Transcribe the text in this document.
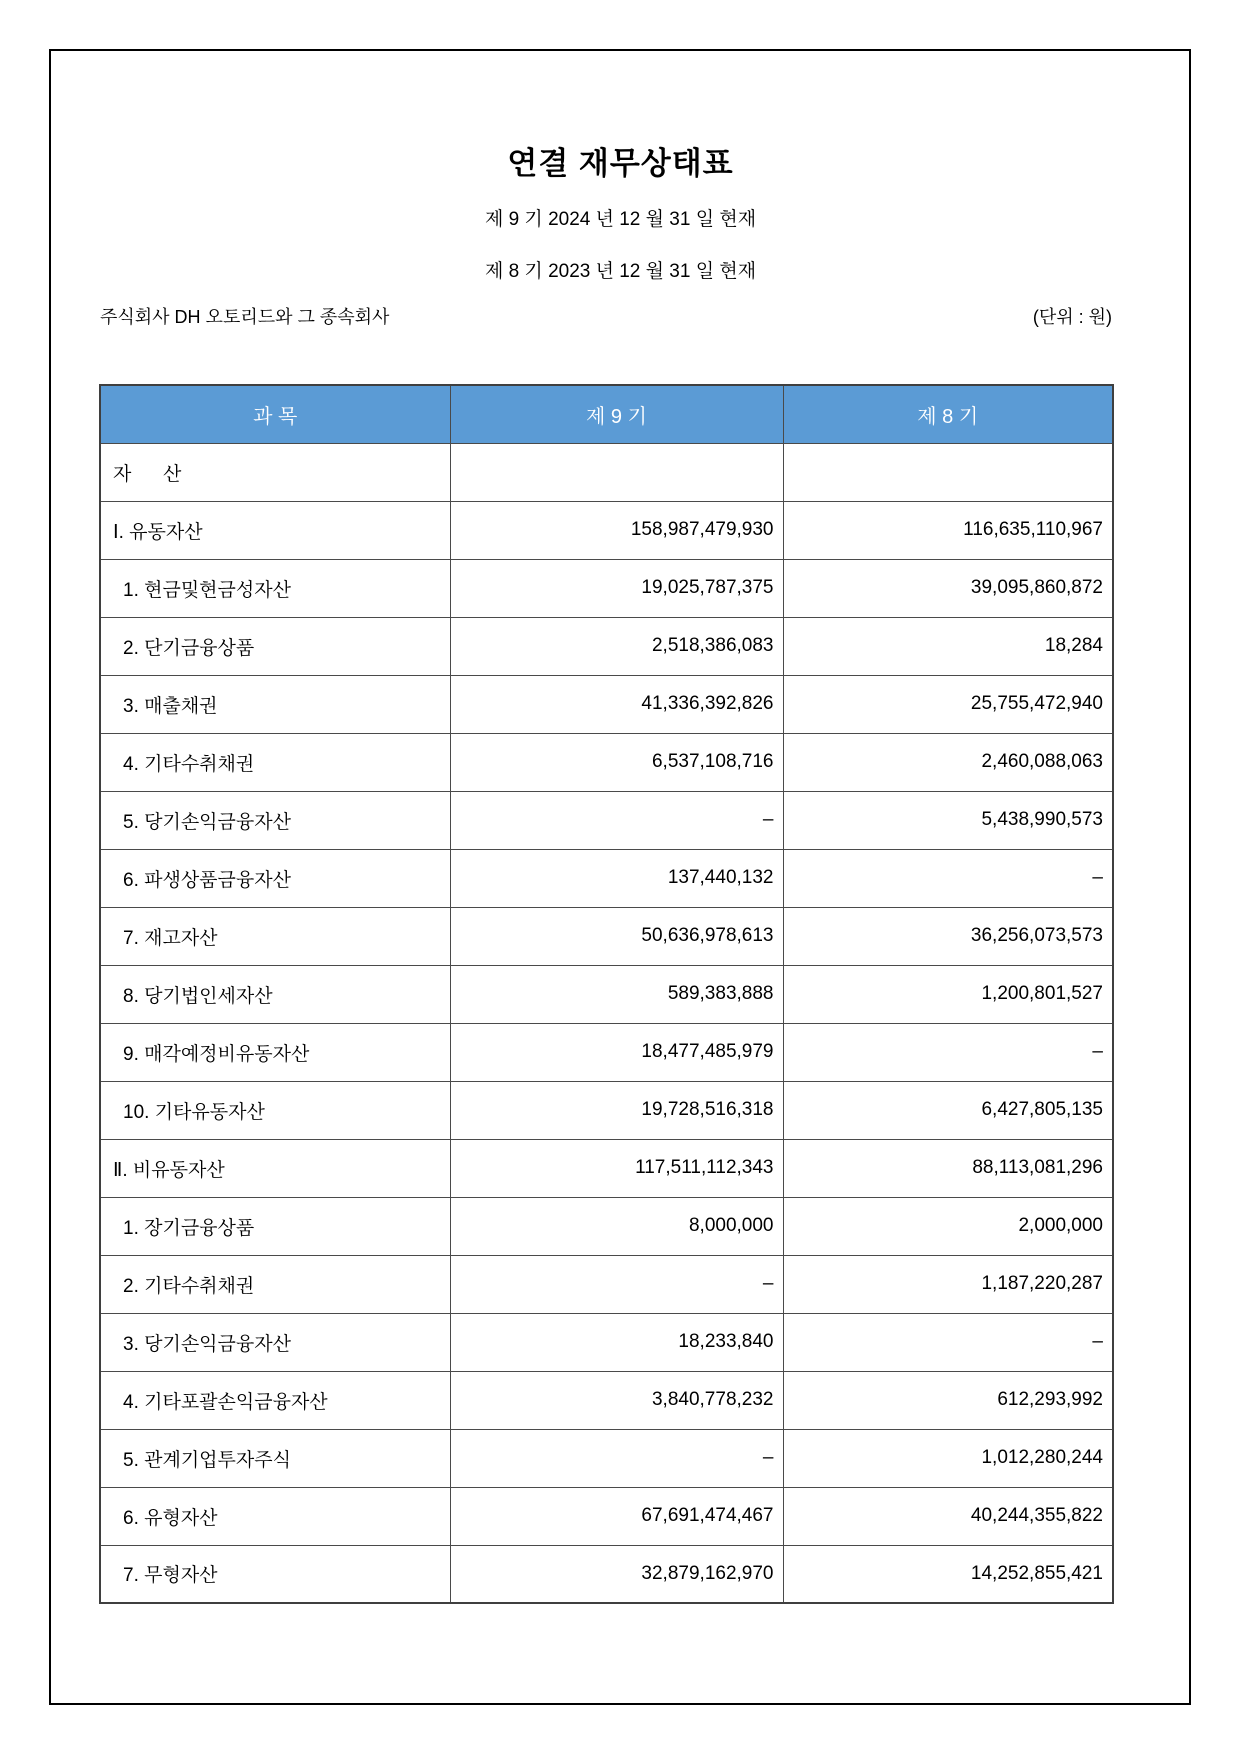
연결 재무상태표
제 9 기 2024 년 12 월 31 일 현재
제 8 기 2023 년 12 월 31 일 현재
주식회사 DH 오토리드와 그 종속회사	(단위 : 원)
과 목	제 9 기	제 8 기
자      산		
Ⅰ. 유동자산	158,987,479,930	116,635,110,967
1. 현금및현금성자산	19,025,787,375	39,095,860,872
2. 단기금융상품	2,518,386,083	18,284
3. 매출채권	41,336,392,826	25,755,472,940
4. 기타수취채권	6,537,108,716	2,460,088,063
5. 당기손익금융자산	–	5,438,990,573
6. 파생상품금융자산	137,440,132	–
7. 재고자산	50,636,978,613	36,256,073,573
8. 당기법인세자산	589,383,888	1,200,801,527
9. 매각예정비유동자산	18,477,485,979	–
10. 기타유동자산	19,728,516,318	6,427,805,135
Ⅱ. 비유동자산	117,511,112,343	88,113,081,296
1. 장기금융상품	8,000,000	2,000,000
2. 기타수취채권	–	1,187,220,287
3. 당기손익금융자산	18,233,840	–
4. 기타포괄손익금융자산	3,840,778,232	612,293,992
5. 관계기업투자주식	–	1,012,280,244
6. 유형자산	67,691,474,467	40,244,355,822
7. 무형자산	32,879,162,970	14,252,855,421
